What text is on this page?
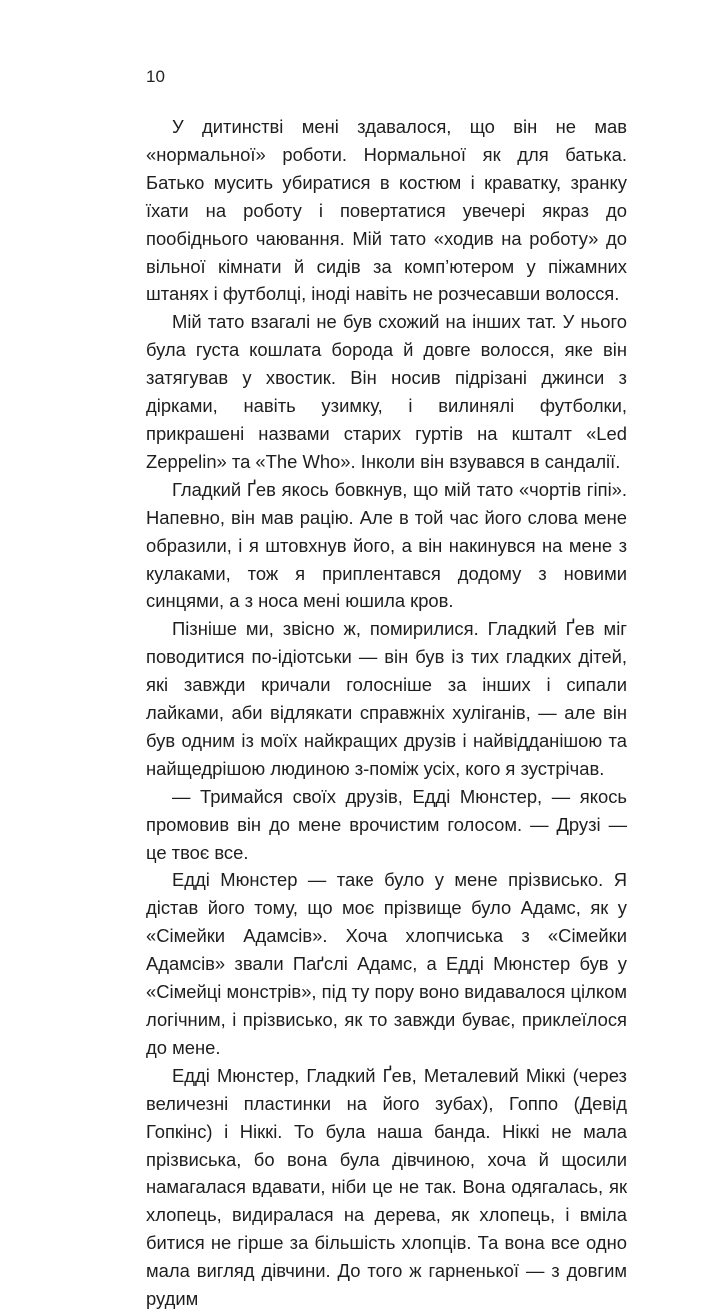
10

У дитинстві мені здавалося, що він не мав «нормальної» роботи. Нормальної як для батька. Батько мусить убиратися в костюм і краватку, зранку їхати на роботу і повертатися увечері якраз до пообіднього чаювання. Мій тато «ходив на роботу» до вільної кімнати й сидів за комп’ютером у піжамних штанях і футболці, іноді навіть не розчесавши волосся.

Мій тато взагалі не був схожий на інших тат. У нього була густа кошлата борода й довге волосся, яке він затягував у хвостик. Він носив підрізані джинси з дірками, навіть узимку, і вилинялі футболки, прикрашені назвами старих гуртів на кшталт «Led Zeppelin» та «The Who». Інколи він взувався в сандалії.

Гладкий Ґев якось бовкнув, що мій тато «чортів гіпі». Напевно, він мав рацію. Але в той час його слова мене образили, і я штовхнув його, а він накинувся на мене з кулаками, тож я приплентався додому з новими синцями, а з носа мені юшила кров.

Пізніше ми, звісно ж, помирилися. Гладкий Ґев міг поводитися по-ідіотськи — він був із тих гладких дітей, які завжди кричали голосніше за інших і сипали лайками, аби відлякати справжніх хуліганів, — але він був одним із моїх найкращих друзів і найвідданішою та найщедрішою людиною з-поміж усіх, кого я зустрічав.

— Тримайся своїх друзів, Едді Мюнстер, — якось промовив він до мене врочистим голосом. — Друзі — це твоє все.

Едді Мюнстер — таке було у мене прізвисько. Я дістав його тому, що моє прізвище було Адамс, як у «Сімейки Адамсів». Хоча хлопчиська з «Сімейки Адамсів» звали Паґслі Адамс, а Едді Мюнстер був у «Сімейці монстрів», під ту пору воно видавалося цілком логічним, і прізвисько, як то завжди буває, приклеїлося до мене.

Едді Мюнстер, Гладкий Ґев, Металевий Міккі (через величезні пластинки на його зубах), Гоппо (Девід Гопкінс) і Ніккі. То була наша банда. Ніккі не мала прізвиська, бо вона була дівчиною, хоча й щосили намагалася вдавати, ніби це не так. Вона одягалась, як хлопець, видиралася на дерева, як хлопець, і вміла битися не гірше за більшість хлопців. Та вона все одно мала вигляд дівчини. До того ж гарненької — з довгим рудим
